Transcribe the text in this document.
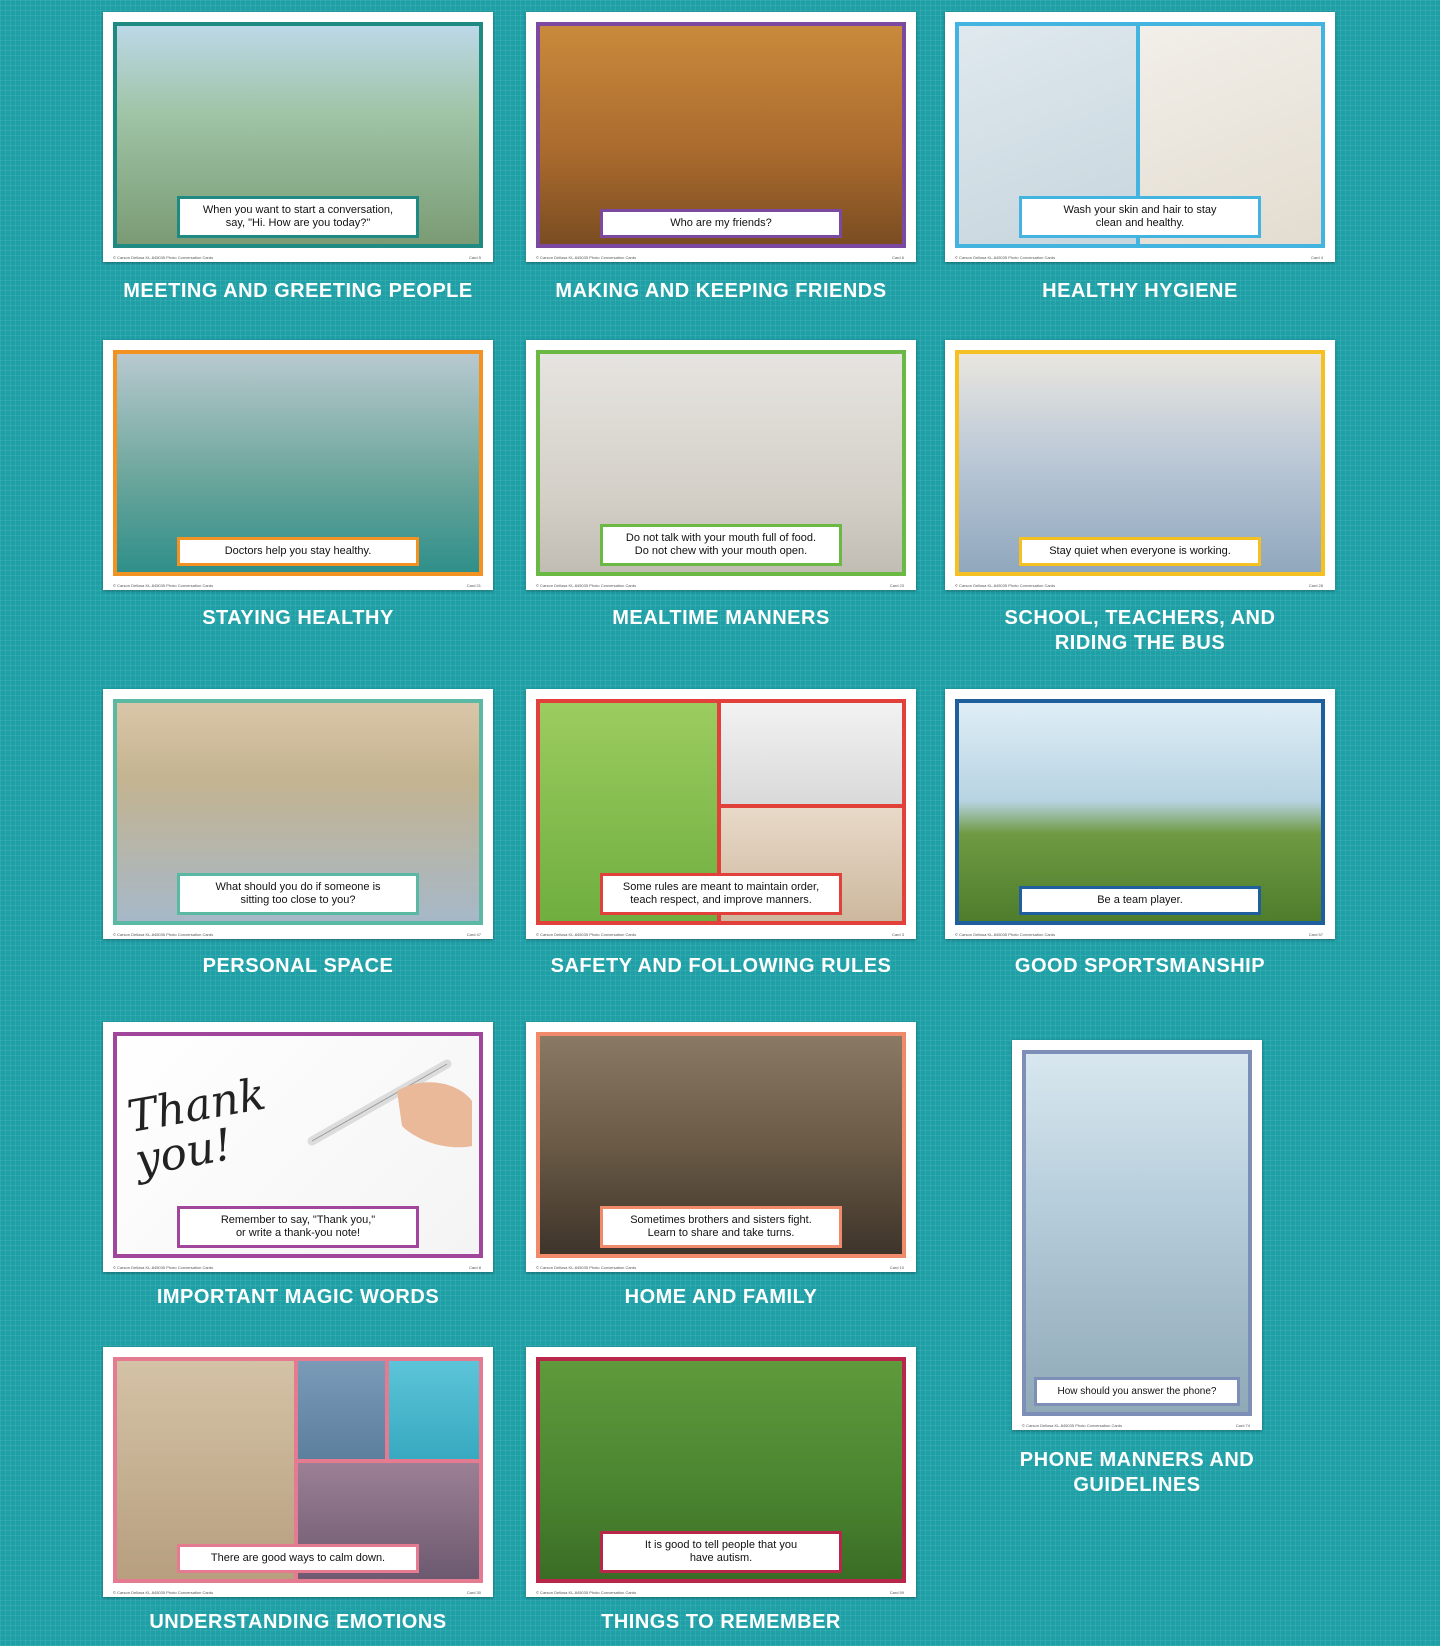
When you want to start a conversation,
say, "Hi. How are you today?"
© Carson Dellosa KL-845035 Photo Conversation Cards	Card 5
MEETING AND GREETING PEOPLE
Who are my friends?
© Carson Dellosa KL-845035 Photo Conversation Cards	Card 6
MAKING AND KEEPING FRIENDS
Wash your skin and hair to stay
clean and healthy.
© Carson Dellosa KL-845035 Photo Conversation Cards	Card 4
HEALTHY HYGIENE
Doctors help you stay healthy.
© Carson Dellosa KL-845035 Photo Conversation Cards	Card 21
STAYING HEALTHY
Do not talk with your mouth full of food.
Do not chew with your mouth open.
© Carson Dellosa KL-845035 Photo Conversation Cards	Card 23
MEALTIME MANNERS
Stay quiet when everyone is working.
© Carson Dellosa KL-845035 Photo Conversation Cards	Card 28
SCHOOL, TEACHERS, AND
RIDING THE BUS
What should you do if someone is
sitting too close to you?
© Carson Dellosa KL-845035 Photo Conversation Cards	Card 47
PERSONAL SPACE
Some rules are meant to maintain order,
teach respect, and improve manners.
© Carson Dellosa KL-845035 Photo Conversation Cards	Card 3
SAFETY AND FOLLOWING RULES
Be a team player.
© Carson Dellosa KL-845035 Photo Conversation Cards	Card 57
GOOD SPORTSMANSHIP
Thank
you!
Remember to say, "Thank you,"
or write a thank-you note!
© Carson Dellosa KL-845035 Photo Conversation Cards	Card 8
IMPORTANT MAGIC WORDS
Sometimes brothers and sisters fight.
Learn to share and take turns.
© Carson Dellosa KL-845035 Photo Conversation Cards	Card 10
HOME AND FAMILY
How should you answer the phone?
© Carson Dellosa KL-845035 Photo Conversation Cards	Card 74
PHONE MANNERS AND
GUIDELINES
There are good ways to calm down.
© Carson Dellosa KL-845035 Photo Conversation Cards	Card 30
UNDERSTANDING EMOTIONS
It is good to tell people that you
have autism.
© Carson Dellosa KL-845035 Photo Conversation Cards	Card 59
THINGS TO REMEMBER
